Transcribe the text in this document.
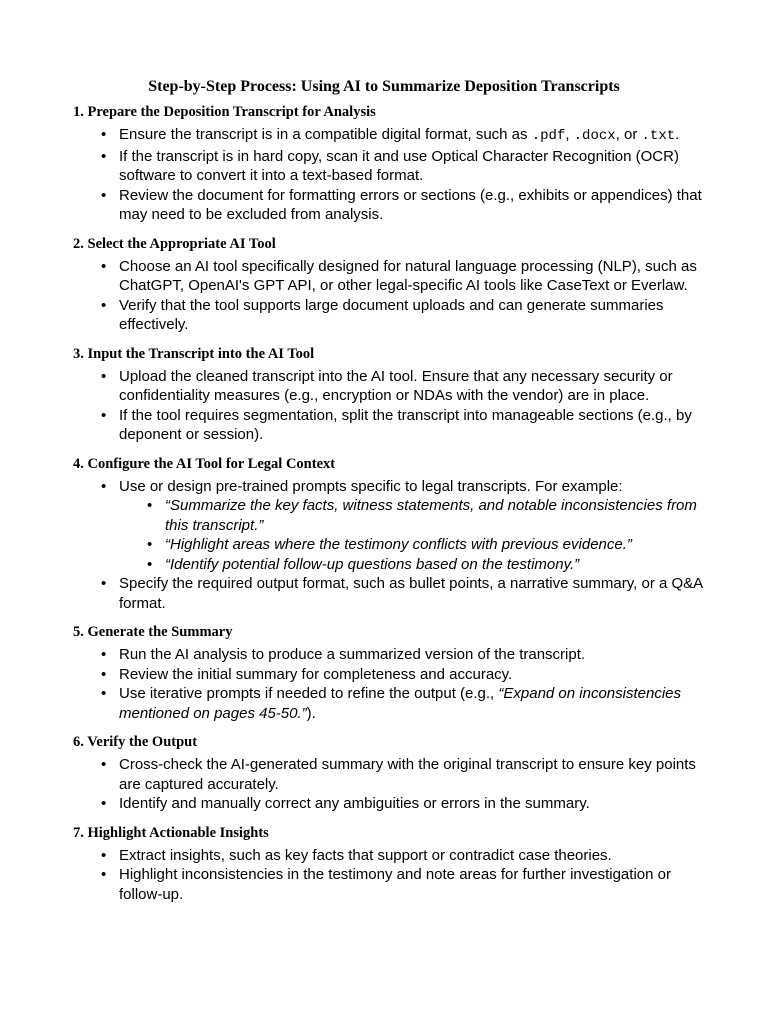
Step-by-Step Process: Using AI to Summarize Deposition Transcripts
1. Prepare the Deposition Transcript for Analysis
• Ensure the transcript is in a compatible digital format, such as .pdf, .docx, or .txt.
• If the transcript is in hard copy, scan it and use Optical Character Recognition (OCR) software to convert it into a text-based format.
• Review the document for formatting errors or sections (e.g., exhibits or appendices) that may need to be excluded from analysis.
2. Select the Appropriate AI Tool
• Choose an AI tool specifically designed for natural language processing (NLP), such as ChatGPT, OpenAI's GPT API, or other legal-specific AI tools like CaseText or Everlaw.
• Verify that the tool supports large document uploads and can generate summaries effectively.
3. Input the Transcript into the AI Tool
• Upload the cleaned transcript into the AI tool. Ensure that any necessary security or confidentiality measures (e.g., encryption or NDAs with the vendor) are in place.
• If the tool requires segmentation, split the transcript into manageable sections (e.g., by deponent or session).
4. Configure the AI Tool for Legal Context
• Use or design pre-trained prompts specific to legal transcripts. For example:
• “Summarize the key facts, witness statements, and notable inconsistencies from this transcript.”
• “Highlight areas where the testimony conflicts with previous evidence.”
• “Identify potential follow-up questions based on the testimony.”
• Specify the required output format, such as bullet points, a narrative summary, or a Q&A format.
5. Generate the Summary
• Run the AI analysis to produce a summarized version of the transcript.
• Review the initial summary for completeness and accuracy.
• Use iterative prompts if needed to refine the output (e.g., “Expand on inconsistencies mentioned on pages 45-50.”).
6. Verify the Output
• Cross-check the AI-generated summary with the original transcript to ensure key points are captured accurately.
• Identify and manually correct any ambiguities or errors in the summary.
7. Highlight Actionable Insights
• Extract insights, such as key facts that support or contradict case theories.
• Highlight inconsistencies in the testimony and note areas for further investigation or follow-up.
